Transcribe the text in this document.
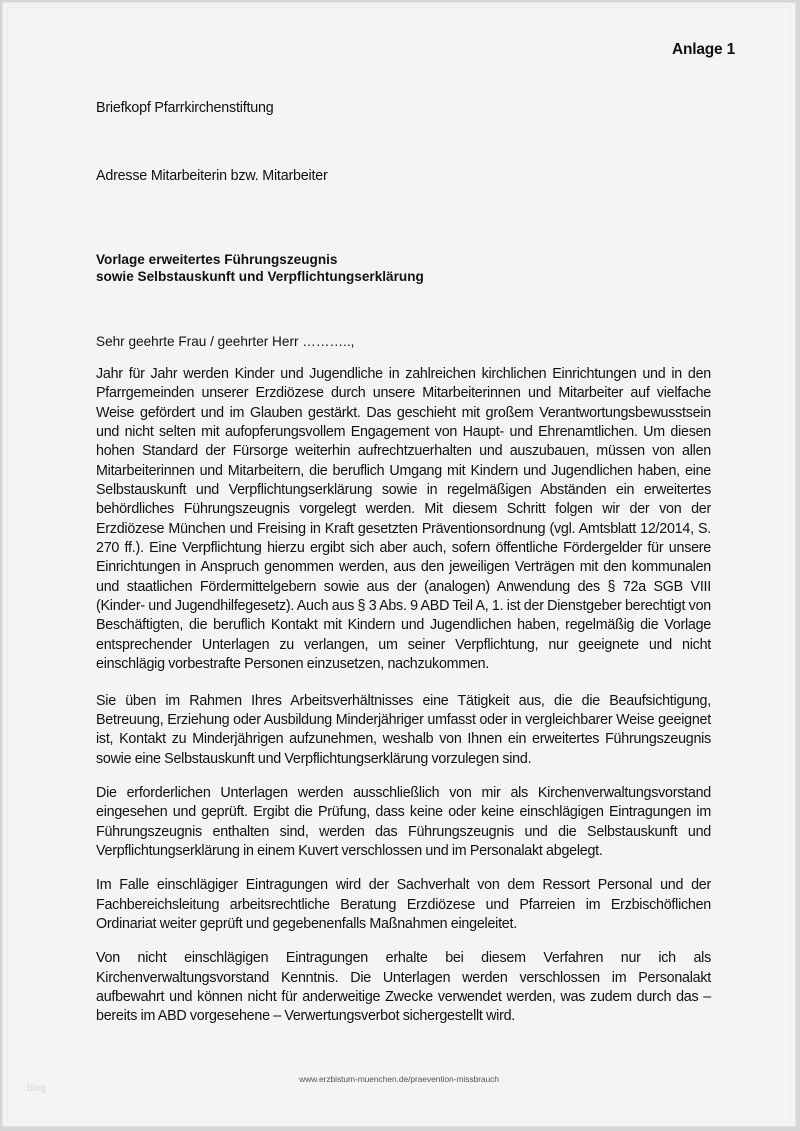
Anlage 1
Briefkopf Pfarrkirchenstiftung
Adresse Mitarbeiterin bzw. Mitarbeiter
Vorlage erweitertes Führungszeugnis
sowie Selbstauskunft und Verpflichtungserklärung
Sehr geehrte Frau / geehrter Herr ………..,

Jahr für Jahr werden Kinder und Jugendliche in zahlreichen kirchlichen Einrichtungen und in den Pfarrgemeinden unserer Erzdiözese durch unsere Mitarbeiterinnen und Mitarbeiter auf vielfache Weise gefördert und im Glauben gestärkt. Das geschieht mit großem Verantwortungsbewusstsein und nicht selten mit aufopferungsvollem Engagement von Haupt- und Ehrenamtlichen. Um diesen hohen Standard der Fürsorge weiterhin aufrechtzuerhalten und auszubauen, müssen von allen Mitarbeiterinnen und Mitarbeitern, die beruflich Umgang mit Kindern und Jugendlichen haben, eine Selbstauskunft und Verpflichtungserklärung sowie in regelmäßigen Abständen ein erweitertes behördliches Führungszeugnis vorgelegt werden. Mit diesem Schritt folgen wir der von der Erzdiözese München und Freising in Kraft gesetzten Präventionsordnung (vgl. Amtsblatt 12/2014, S. 270 ff.). Eine Verpflichtung hierzu ergibt sich aber auch, sofern öffentliche Fördergelder für unsere Einrichtungen in Anspruch genommen werden, aus den jeweiligen Verträgen mit den kommunalen und staatlichen Fördermittelgebern sowie aus der (analogen) Anwendung des § 72a SGB VIII (Kinder- und Jugendhilfegesetz). Auch aus § 3 Abs. 9 ABD Teil A, 1. ist der Dienstgeber berechtigt von Beschäftigten, die beruflich Kontakt mit Kindern und Jugendlichen haben, regelmäßig die Vorlage entsprechender Unterlagen zu verlangen, um seiner Verpflichtung, nur geeignete und nicht einschlägig vorbestrafte Personen einzusetzen, nachzukommen.

Sie üben im Rahmen Ihres Arbeitsverhältnisses eine Tätigkeit aus, die die Beaufsichtigung, Betreuung, Erziehung oder Ausbildung Minderjähriger umfasst oder in vergleichbarer Weise geeignet ist, Kontakt zu Minderjährigen aufzunehmen, weshalb von Ihnen ein erweitertes Führungszeugnis sowie eine Selbstauskunft und Verpflichtungserklärung vorzulegen sind.

Die erforderlichen Unterlagen werden ausschließlich von mir als Kirchenverwaltungsvorstand eingesehen und geprüft. Ergibt die Prüfung, dass keine oder keine einschlägigen Eintragungen im Führungszeugnis enthalten sind, werden das Führungszeugnis und die Selbstauskunft und Verpflichtungserklärung in einem Kuvert verschlossen und im Personalakt abgelegt.

Im Falle einschlägiger Eintragungen wird der Sachverhalt von dem Ressort Personal und der Fachbereichsleitung arbeitsrechtliche Beratung Erzdiözese und Pfarreien im Erzbischöflichen Ordinariat weiter geprüft und gegebenenfalls Maßnahmen eingeleitet.

Von nicht einschlägigen Eintragungen erhalte bei diesem Verfahren nur ich als Kirchenverwaltungsvorstand Kenntnis. Die Unterlagen werden verschlossen im Personalakt aufbewahrt und können nicht für anderweitige Zwecke verwendet werden, was zudem durch das – bereits im ABD vorgesehene – Verwertungsverbot sichergestellt wird.

blog
www.erzbistum-muenchen.de/praevention-missbrauch
